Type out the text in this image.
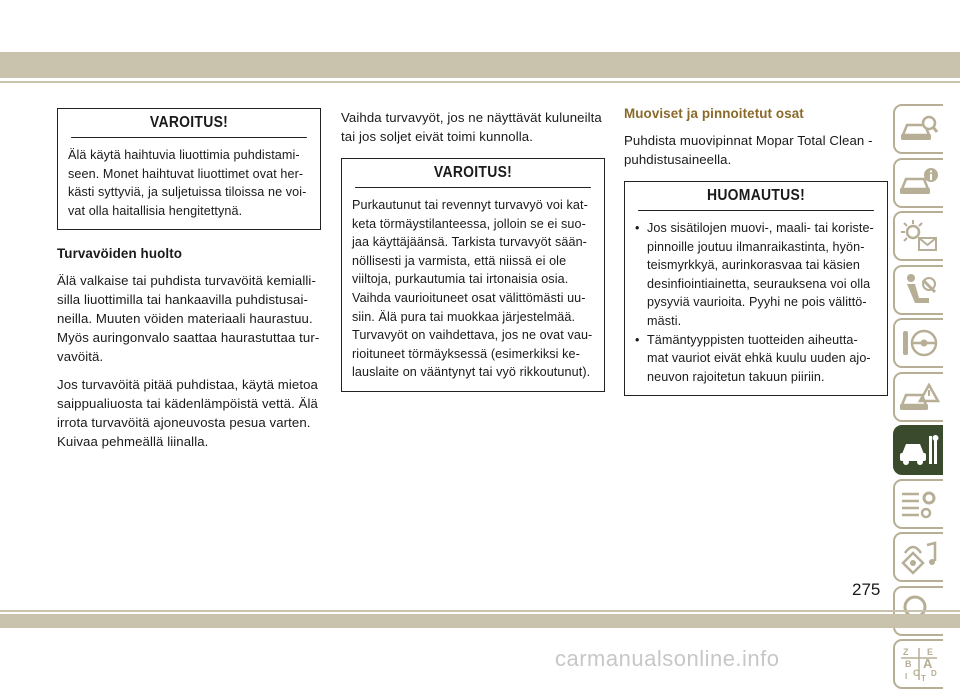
VAROITUS!

Älä käytä haihtuvia liuottimia puhdistami-seen. Monet haihtuvat liuottimet ovat her-kästi syttyviä, ja suljetuissa tiloissa ne voi-vat olla haitallisia hengitettynä.

Turvavöiden huolto

Älä valkaise tai puhdista turvavöitä kemialli-silla liuottimilla tai hankaavilla puhdistusai-neilla. Muuten vöiden materiaali haurastuu. Myös auringonvalo saattaa haurastuttaa tur-vavöitä.

Jos turvavöitä pitää puhdistaa, käytä mietoa saippualiuosta tai kädenlämpöistä vettä. Älä irrota turvavöitä ajoneuvosta pesua varten. Kuivaa pehmeällä liinalla.

Vaihda turvavyöt, jos ne näyttävät kuluneilta tai jos soljet eivät toimi kunnolla.

VAROITUS!

Purkautunut tai revennyt turvavyö voi kat-keta törmäystilanteessa, jolloin se ei suo-jaa käyttäjäänsä. Tarkista turvavyöt sään-nöllisesti ja varmista, että niissä ei ole viiltoja, purkautumia tai irtonaisia osia. Vaihda vaurioituneet osat välittömästi uu-siin. Älä pura tai muokkaa järjestelmää. Turvavyöt on vaihdettava, jos ne ovat vau-rioituneet törmäyksessä (esimerkiksi ke-lauslaite on vääntynyt tai vyö rikkoutunut).

Muoviset ja pinnoitetut osat

Puhdista muovipinnat Mopar Total Clean -puhdistusaineella.

HUOMAUTUS!
• Jos sisätilojen muovi-, maali- tai koriste-pinnoille joutuu ilmanraikastinta, hyön-teismyrkkyä, aurinkorasvaa tai käsien desinfiointiainetta, seurauksena voi olla pysyviä vaurioita. Pyyhi ne pois välittö-mästi.
• Tämäntyyppisten tuotteiden aiheutta-mat vauriot eivät ehkä kuulu uuden ajo-neuvon rajoitetun takuun piiriin.
Z E
B A
C
T
D
I
275
carmanualsonline.info
